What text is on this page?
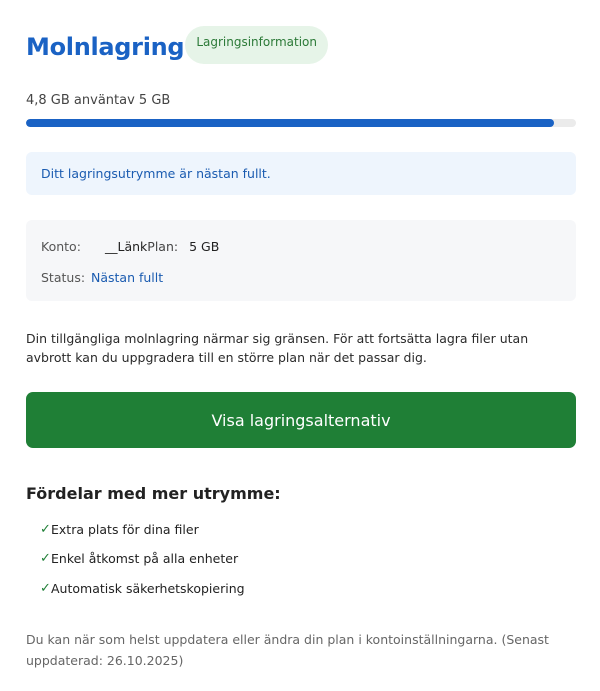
Molnlagring	Lagringsinformation
4,8 GB använtav 5 GB
Ditt lagringsutrymme är nästan fullt.
Konto:	__Länk Plan: 5 GB
Status: Nästan fullt

Din tillgängliga molnlagring närmar sig gränsen. För att fortsätta lagra filer utan avbrott kan du uppgradera till en större plan när det passar dig.

Visa lagringsalternativ
Fördelar med mer utrymme:
✓ Extra plats för dina filer
✓ Enkel åtkomst på alla enheter
✓ Automatisk säkerhetskopiering

Du kan när som helst uppdatera eller ändra din plan i kontoinställningarna. (Senast uppdaterad: 26.10.2025)
